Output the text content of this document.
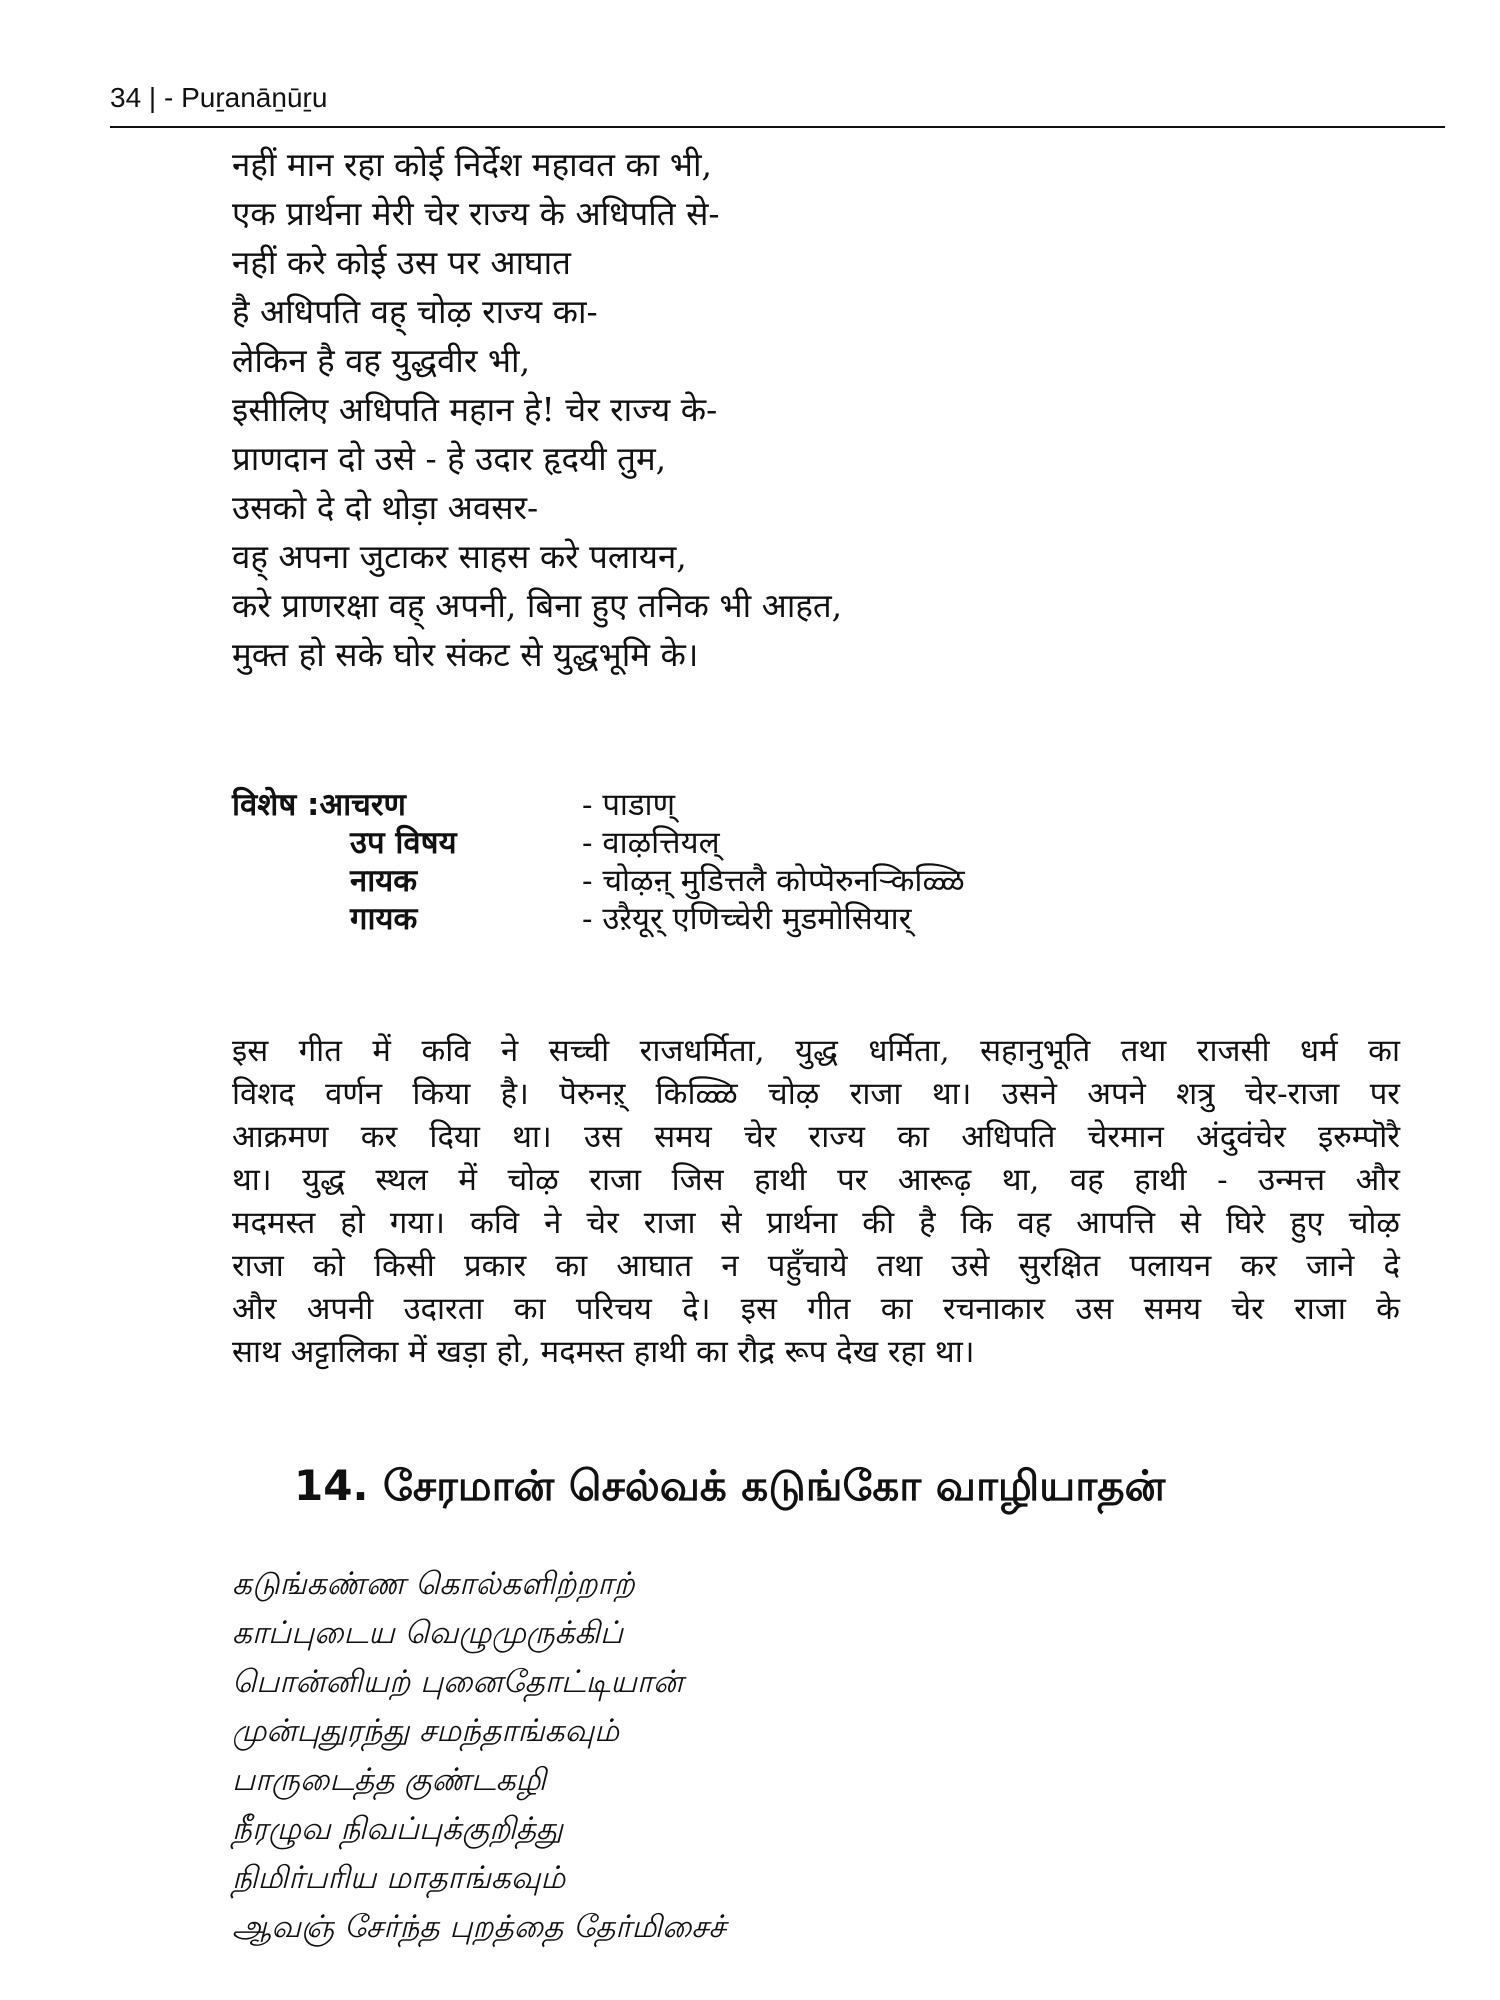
34 | - Puṟanāṉūṟu
नहीं मान रहा कोई निर्देश महावत का भी,
एक प्रार्थना मेरी चेर राज्य के अधिपति से-
नहीं करे कोई उस पर आघात
है अधिपति वह् चोऴ राज्य का-
लेकिन है वह युद्धवीर भी,
इसीलिए अधिपति महान हे! चेर राज्य के-
प्राणदान दो उसे - हे उदार हृदयी तुम,
उसको दे दो थोड़ा अवसर-
वह् अपना जुटाकर साहस करे पलायन,
करे प्राणरक्षा वह् अपनी, बिना हुए तनिक भी आहत,
मुक्त हो सके घोर संकट से युद्धभूमि के।
विशेष :आचरण	- पाडाण्
उप विषय	- वाऴत्तियल्
नायक	- चोऴऩ् मुडित्तलै कोप्पॆरुनऱ्किळ्ळि
गायक	- उऱैयूर् एणिच्चेरी मुडमोसियार्
इस गीत में कवि ने सच्ची राजधर्मिता, युद्ध धर्मिता, सहानुभूति तथा राजसी धर्म का
विशद वर्णन किया है। पॆरुनऱ् किळ्ळि चोऴ राजा था। उसने अपने शत्रु चेर-राजा पर
आक्रमण कर दिया था। उस समय चेर राज्य का अधिपति चेरमान अंदुवंचेर इरुम्पॊरै
था। युद्ध स्थल में चोऴ राजा जिस हाथी पर आरूढ़ था, वह हाथी - उन्मत्त और
मदमस्त हो गया। कवि ने चेर राजा से प्रार्थना की है कि वह आपत्ति से घिरे हुए चोऴ
राजा को किसी प्रकार का आघात न पहुँचाये तथा उसे सुरक्षित पलायन कर जाने दे
और अपनी उदारता का परिचय दे। इस गीत का रचनाकार उस समय चेर राजा के
साथ अट्टालिका में खड़ा हो, मदमस्त हाथी का रौद्र रूप देख रहा था।
14. சேரமான் செல்வக் கடுங்கோ வாழியாதன்
கடுங்கண்ண கொல்களிற்றாற்
காப்புடைய வெழுமுருக்கிப்
பொன்னியற் புனைதோட்டியான்
முன்புதுரந்து சமந்தாங்கவும்
பாருடைத்த குண்டகழி
நீரழுவ நிவப்புக்குறித்து
நிமிர்பரிய மாதாங்கவும்
ஆவஞ் சேர்ந்த புறத்தை தேர்மிசைச்
